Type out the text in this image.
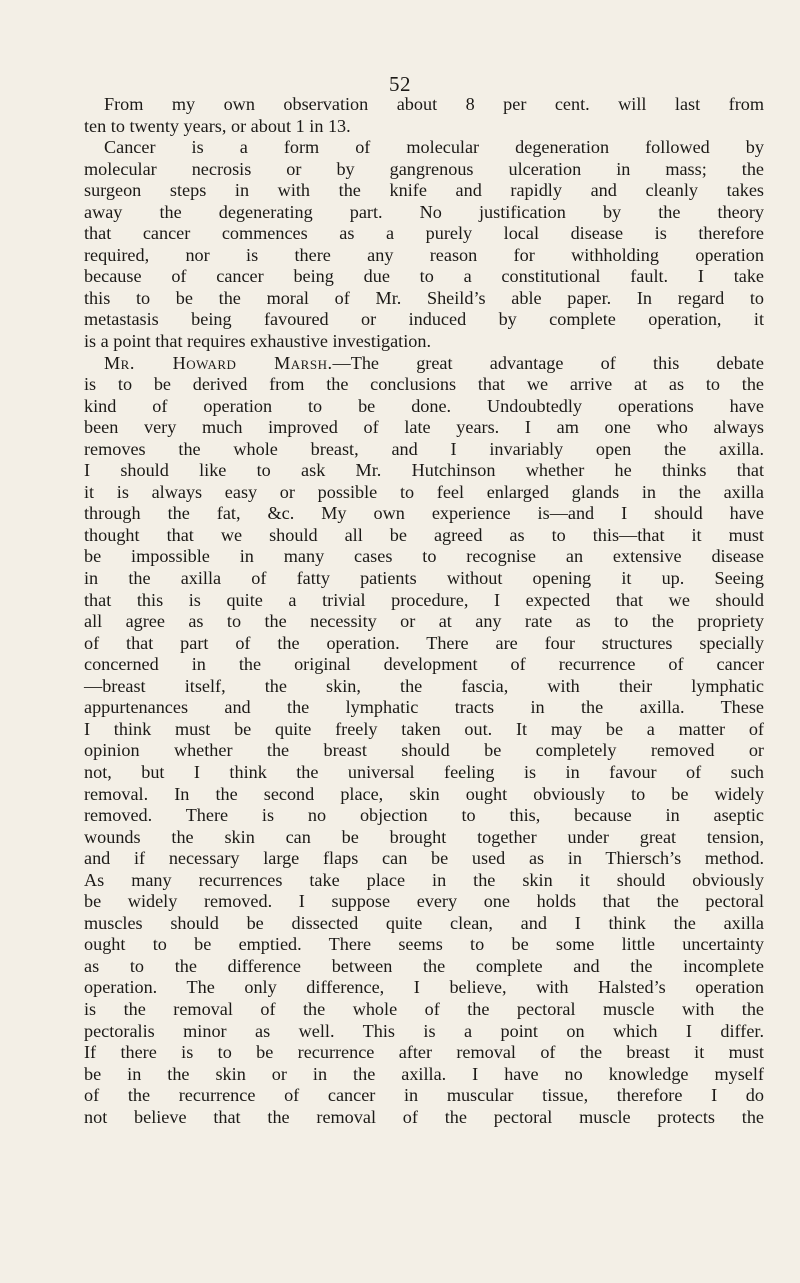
52
From my own observation about 8 per cent. will last from
ten to twenty years, or about 1 in 13.
Cancer is a form of molecular degeneration followed by
molecular necrosis or by gangrenous ulceration in mass; the
surgeon steps in with the knife and rapidly and cleanly takes
away the degenerating part. No justification by the theory
that cancer commences as a purely local disease is therefore
required, nor is there any reason for withholding operation
because of cancer being due to a constitutional fault. I take
this to be the moral of Mr. Sheild’s able paper. In regard to
metastasis being favoured or induced by complete operation, it
is a point that requires exhaustive investigation.
Mr. Howard Marsh.—The great advantage of this debate
is to be derived from the conclusions that we arrive at as to the
kind of operation to be done. Undoubtedly operations have
been very much improved of late years. I am one who always
removes the whole breast, and I invariably open the axilla.
I should like to ask Mr. Hutchinson whether he thinks that
it is always easy or possible to feel enlarged glands in the axilla
through the fat, &c. My own experience is—and I should have
thought that we should all be agreed as to this—that it must
be impossible in many cases to recognise an extensive disease
in the axilla of fatty patients without opening it up. Seeing
that this is quite a trivial procedure, I expected that we should
all agree as to the necessity or at any rate as to the propriety
of that part of the operation. There are four structures specially
concerned in the original development of recurrence of cancer
—breast itself, the skin, the fascia, with their lymphatic
appurtenances and the lymphatic tracts in the axilla. These
I think must be quite freely taken out. It may be a matter of
opinion whether the breast should be completely removed or
not, but I think the universal feeling is in favour of such
removal. In the second place, skin ought obviously to be widely
removed. There is no objection to this, because in aseptic
wounds the skin can be brought together under great tension,
and if necessary large flaps can be used as in Thiersch’s method.
As many recurrences take place in the skin it should obviously
be widely removed. I suppose every one holds that the pectoral
muscles should be dissected quite clean, and I think the axilla
ought to be emptied. There seems to be some little uncertainty
as to the difference between the complete and the incomplete
operation. The only difference, I believe, with Halsted’s operation
is the removal of the whole of the pectoral muscle with the
pectoralis minor as well. This is a point on which I differ.
If there is to be recurrence after removal of the breast it must
be in the skin or in the axilla. I have no knowledge myself
of the recurrence of cancer in muscular tissue, therefore I do
not believe that the removal of the pectoral muscle protects the
